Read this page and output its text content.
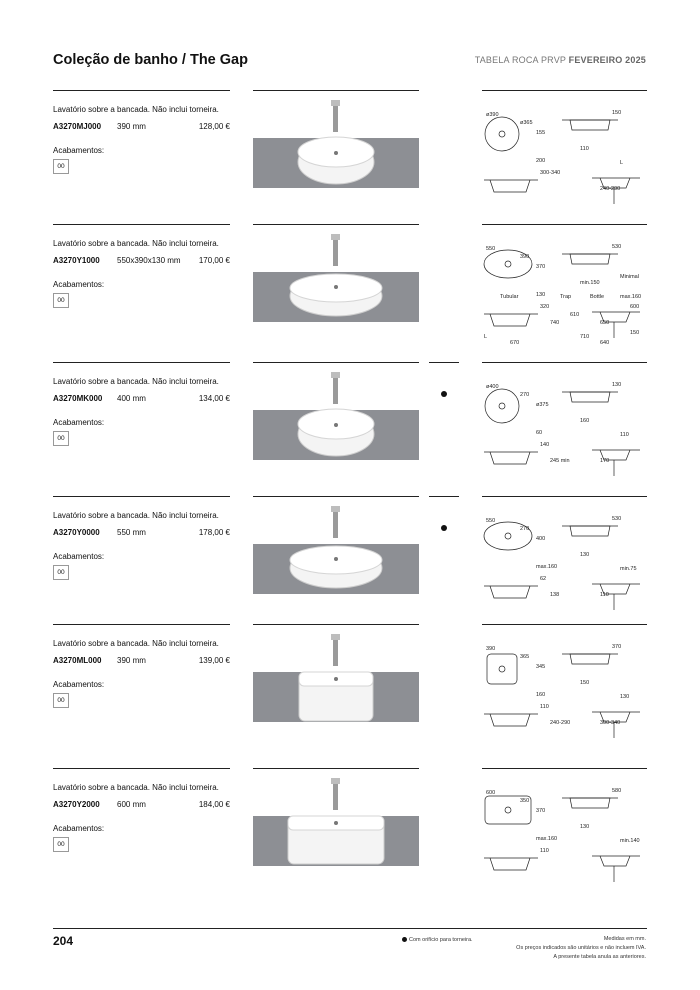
Coleção de banho / The Gap	TABELA ROCA PRVP FEVEREIRO 2025
Lavatório sobre a bancada. Não inclui torneira.
A3270MJ000 390 mm	128,00 €
Acabamentos:
00
ø390
ø365
155
150
110
200	L
300-340
240-290
Lavatório sobre a bancada. Não inclui torneira.
A3270Y1000 550x390x130 mm	170,00 €
Acabamentos:
00
550
390
370
530
min.150
130	max.160
320
650
740
150
710
L
Trap
Tubular
Minimal
Bottle
600
610
670	640
Lavatório sobre a bancada. Não inclui torneira.
A3270MK000 400 mm	134,00 €
Acabamentos:
00
ø400
270
ø375
130
160
60	110
140
170
245 min
Lavatório sobre a bancada. Não inclui torneira.
A3270Y0000 550 mm	178,00 €
Acabamentos:
00
550
270
400
530
130
max.160	min.75
62
110
138
Lavatório sobre a bancada. Não inclui torneira.
A3270ML000 390 mm	139,00 €
Acabamentos:
00
390
365
345
370
150
160	130
110
300-340
240-290
Lavatório sobre a bancada. Não inclui torneira.
A3270Y2000 600 mm	184,00 €
Acabamentos:
00
600
350
370
580
130
max.160	min.140
110
204	Com orifício para torneira.	Medidas em mm.
Os preços indicados são unitários e não incluem IVA.
A presente tabela anula as anteriores.
